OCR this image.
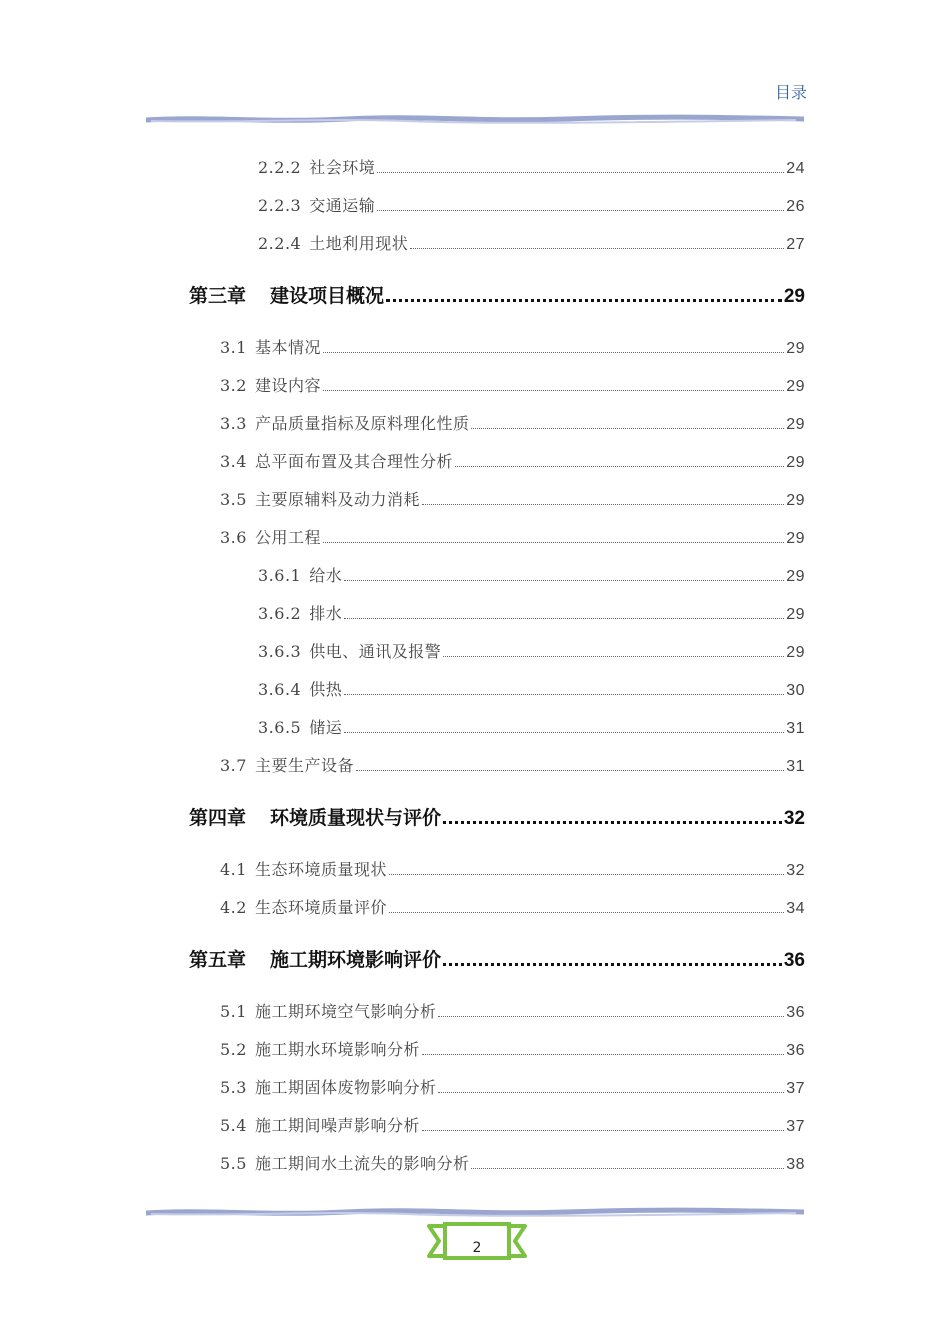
目录
2.2.2 社会环境	24
2.2.3 交通运输	26
2.2.4 土地利用现状	27
第三章 建设项目概况	29
3.1 基本情况	29
3.2 建设内容	29
3.3 产品质量指标及原料理化性质	29
3.4 总平面布置及其合理性分析	29
3.5 主要原辅料及动力消耗	29
3.6 公用工程	29
3.6.1 给水	29
3.6.2 排水	29
3.6.3 供电、通讯及报警	29
3.6.4 供热	30
3.6.5 储运	31
3.7 主要生产设备	31
第四章 环境质量现状与评价	32
4.1 生态环境质量现状	32
4.2 生态环境质量评价	34
第五章 施工期环境影响评价	36
5.1 施工期环境空气影响分析	36
5.2 施工期水环境影响分析	36
5.3 施工期固体废物影响分析	37
5.4 施工期间噪声影响分析	37
5.5 施工期间水土流失的影响分析	38
2
